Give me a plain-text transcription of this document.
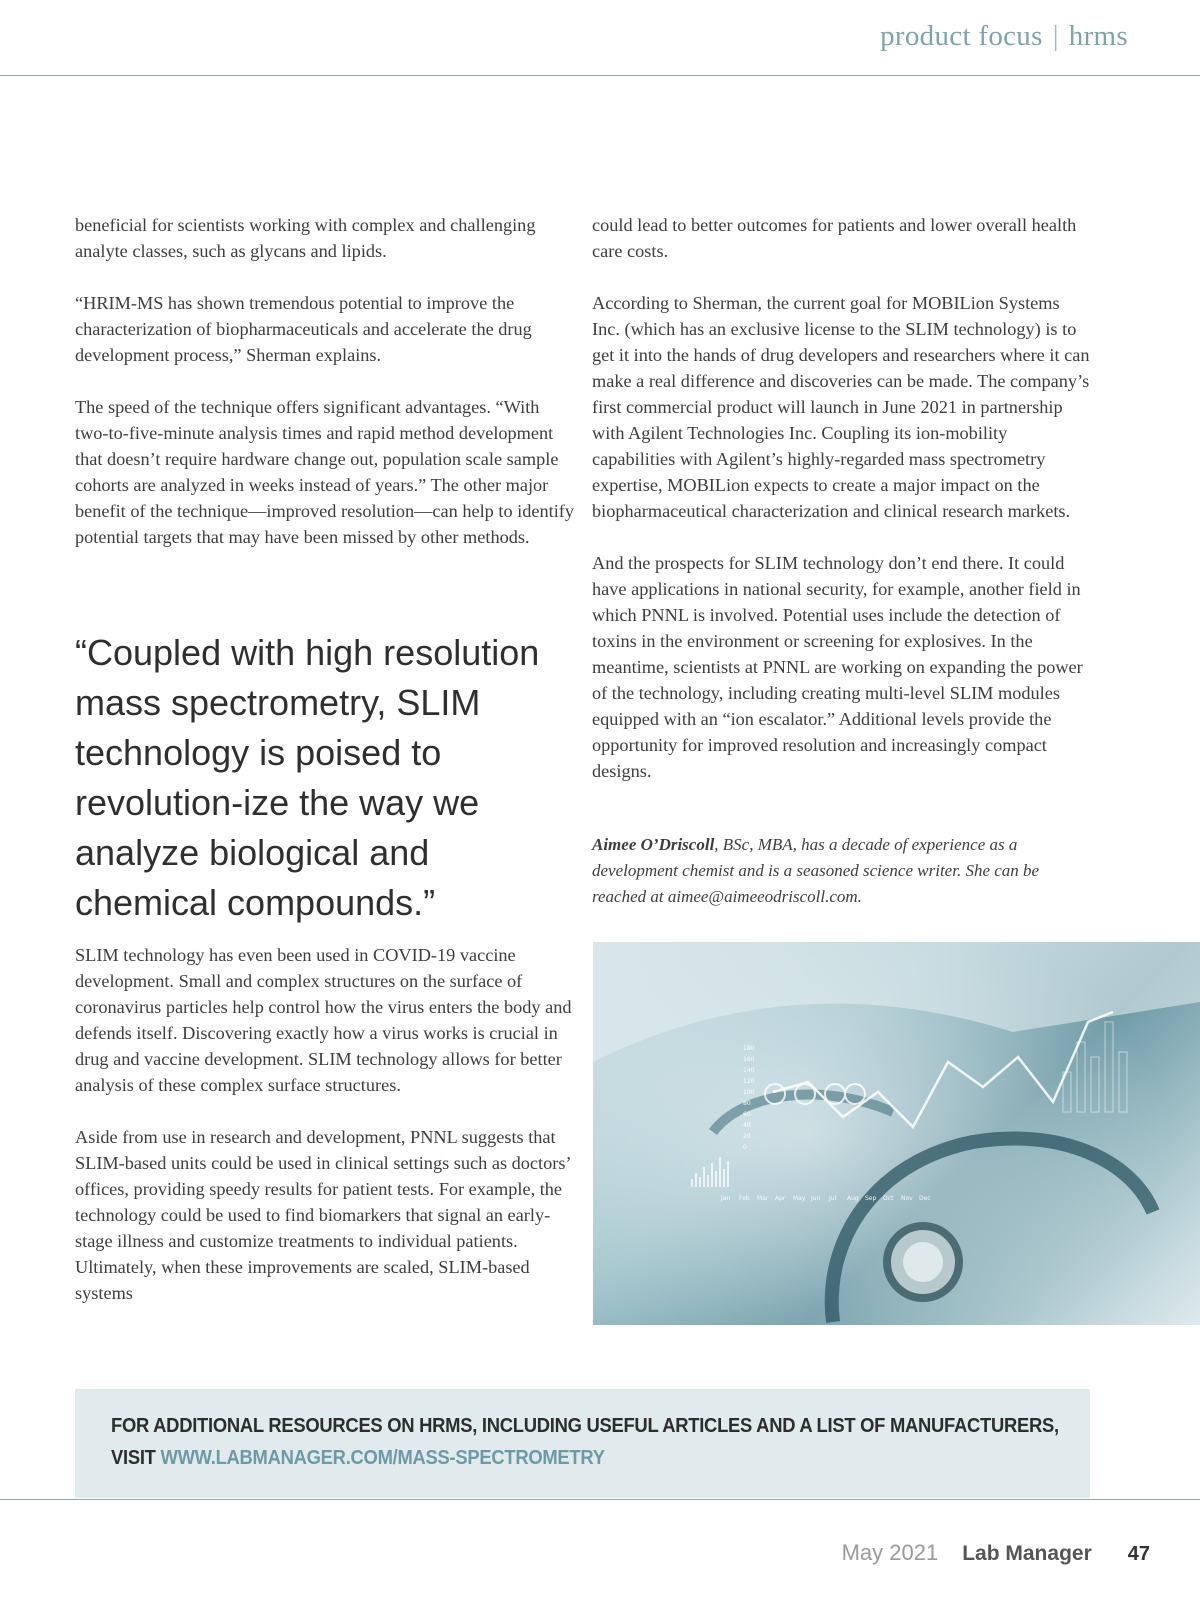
product focus | hrms

beneficial for scientists working with complex and challenging analyte classes, such as glycans and lipids.

“HRIM-MS has shown tremendous potential to improve the characterization of biopharmaceuticals and accelerate the drug development process,” Sherman explains.

The speed of the technique offers significant advantages. “With two-to-five-minute analysis times and rapid method development that doesn’t require hardware change out, population scale sample cohorts are analyzed in weeks instead of years.” The other major benefit of the technique—improved resolution—can help to identify potential targets that may have been missed by other methods.

“Coupled with high resolution mass spectrometry, SLIM technology is poised to revolution-ize the way we analyze biological and chemical compounds.”

SLIM technology has even been used in COVID-19 vaccine development. Small and complex structures on the surface of coronavirus particles help control how the virus enters the body and defends itself. Discovering exactly how a virus works is crucial in drug and vaccine development. SLIM technology allows for better analysis of these complex surface structures.

Aside from use in research and development, PNNL suggests that SLIM-based units could be used in clinical settings such as doctors’ offices, providing speedy results for patient tests. For example, the technology could be used to find biomarkers that signal an early-stage illness and customize treatments to individual patients. Ultimately, when these improvements are scaled, SLIM-based systems

could lead to better outcomes for patients and lower overall health care costs.

According to Sherman, the current goal for MOBILion Systems Inc. (which has an exclusive license to the SLIM technology) is to get it into the hands of drug developers and researchers where it can make a real difference and discoveries can be made. The company’s first commercial product will launch in June 2021 in partnership with Agilent Technologies Inc. Coupling its ion-mobility capabilities with Agilent’s highly-regarded mass spectrometry expertise, MOBILion expects to create a major impact on the biopharmaceutical characterization and clinical research markets.

And the prospects for SLIM technology don’t end there. It could have applications in national security, for example, another field in which PNNL is involved. Potential uses include the detection of toxins in the environment or screening for explosives. In the meantime, scientists at PNNL are working on expanding the power of the technology, including creating multi-level SLIM modules equipped with an “ion escalator.” Additional levels provide the opportunity for improved resolution and increasingly compact designs.

Aimee O’Driscoll, BSc, MBA, has a decade of experience as a development chemist and is a seasoned science writer. She can be reached at aimee@aimeeodriscoll.com.
180
160
140
120
100
80
60
40
20
0
Jan Feb Mar Apr May Jun Jul Aug Sep Oct Nov Dec
FOR ADDITIONAL RESOURCES ON HRMS, INCLUDING USEFUL ARTICLES AND A LIST OF MANUFACTURERS,
VISIT WWW.LABMANAGER.COM/MASS-SPECTROMETRY
May 2021 Lab Manager 47
